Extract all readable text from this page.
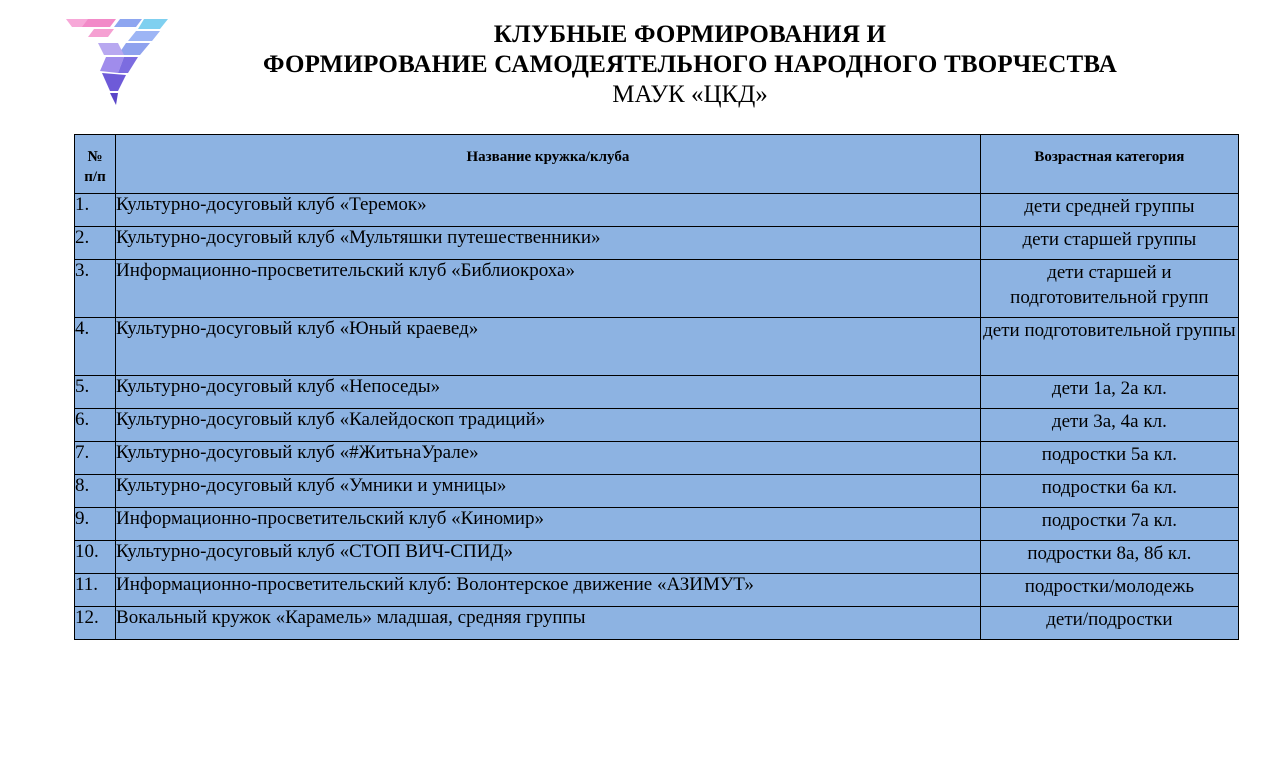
КЛУБНЫЕ ФОРМИРОВАНИЯ И
ФОРМИРОВАНИЕ САМОДЕЯТЕЛЬНОГО НАРОДНОГО ТВОРЧЕСТВА
МАУК «ЦКД»
№
п/п	Название кружка/клуба	Возрастная категория
1.	Культурно-досуговый клуб «Теремок»	дети средней группы
2.	Культурно-досуговый клуб «Мультяшки путешественники»	дети старшей группы
3.	Информационно-просветительский клуб «Библиокроха»	дети старшей и подготовительной групп
4.	Культурно-досуговый клуб «Юный краевед»	дети подготовительной группы
5.	Культурно-досуговый клуб «Непоседы»	дети 1а, 2а кл.
6.	Культурно-досуговый клуб «Калейдоскоп традиций»	дети 3а, 4а кл.
7.	Культурно-досуговый клуб «#ЖитьнаУрале»	подростки 5а кл.
8.	Культурно-досуговый клуб «Умники и умницы»	подростки 6а кл.
9.	Информационно-просветительский клуб «Киномир»	подростки 7а кл.
10.	Культурно-досуговый клуб «СТОП ВИЧ-СПИД»	подростки 8а, 8б кл.
11.	Информационно-просветительский клуб: Волонтерское движение «АЗИМУТ»	подростки/молодежь
12.	Вокальный кружок «Карамель» младшая, средняя группы	дети/подростки
